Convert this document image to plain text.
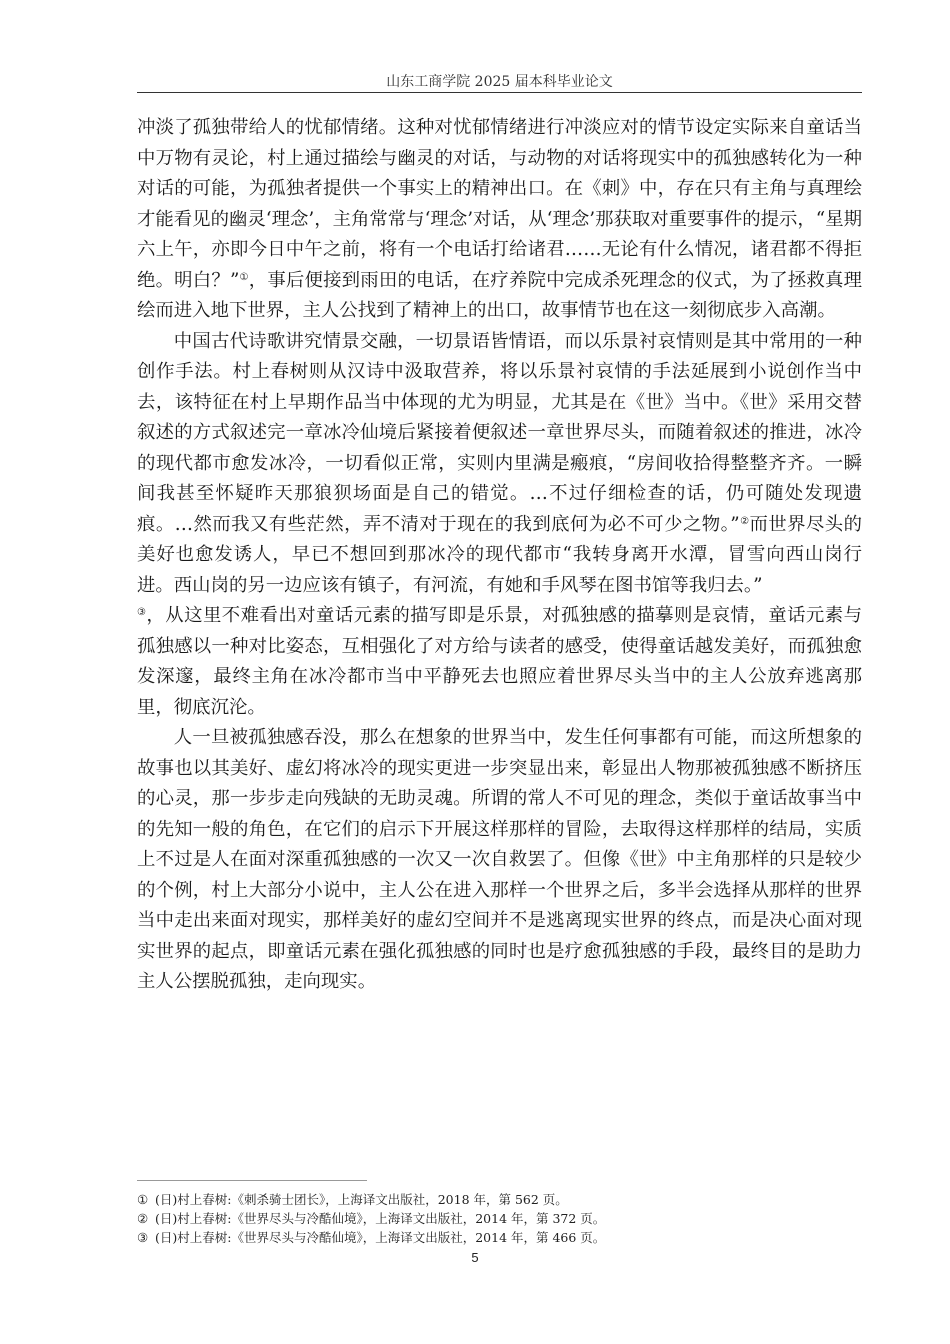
山东工商学院 2025 届本科毕业论文

冲淡了孤独带给人的忧郁情绪。这种对忧郁情绪进行冲淡应对的情节设定实际来自童话当中万物有灵论，村上通过描绘与幽灵的对话，与动物的对话将现实中的孤独感转化为一种对话的可能，为孤独者提供一个事实上的精神出口。在《刺》中，存在只有主角与真理绘才能看见的幽灵‘理念’，主角常常与‘理念’对话，从‘理念’那获取对重要事件的提示，“星期六上午，亦即今日中午之前，将有一个电话打给诸君……无论有什么情况，诸君都不得拒绝。明白？”①，事后便接到雨田的电话，在疗养院中完成杀死理念的仪式，为了拯救真理绘而进入地下世界，主人公找到了精神上的出口，故事情节也在这一刻彻底步入高潮。

中国古代诗歌讲究情景交融，一切景语皆情语，而以乐景衬哀情则是其中常用的一种创作手法。村上春树则从汉诗中汲取营养，将以乐景衬哀情的手法延展到小说创作当中去，该特征在村上早期作品当中体现的尤为明显，尤其是在《世》当中。《世》采用交替叙述的方式叙述完一章冰冷仙境后紧接着便叙述一章世界尽头，而随着叙述的推进，冰冷的现代都市愈发冰冷，一切看似正常，实则内里满是瘢痕，“房间收拾得整整齐齐。一瞬间我甚至怀疑昨天那狼狈场面是自己的错觉。…不过仔细检查的话，仍可随处发现遗痕。…然而我又有些茫然，弄不清对于现在的我到底何为必不可少之物。”②而世界尽头的美好也愈发诱人，早已不想回到那冰冷的现代都市“我转身离开水潭，冒雪向西山岗行进。西山岗的另一边应该有镇子，有河流，有她和手风琴在图书馆等我归去。”
③，从这里不难看出对童话元素的描写即是乐景，对孤独感的描摹则是哀情，童话元素与孤独感以一种对比姿态，互相强化了对方给与读者的感受，使得童话越发美好，而孤独愈发深邃，最终主角在冰冷都市当中平静死去也照应着世界尽头当中的主人公放弃逃离那里，彻底沉沦。

人一旦被孤独感吞没，那么在想象的世界当中，发生任何事都有可能，而这所想象的故事也以其美好、虚幻将冰冷的现实更进一步突显出来，彰显出人物那被孤独感不断挤压的心灵，那一步步走向残缺的无助灵魂。所谓的常人不可见的理念，类似于童话故事当中的先知一般的角色，在它们的启示下开展这样那样的冒险，去取得这样那样的结局，实质上不过是人在面对深重孤独感的一次又一次自救罢了。但像《世》中主角那样的只是较少的个例，村上大部分小说中，主人公在进入那样一个世界之后，多半会选择从那样的世界当中走出来面对现实，那样美好的虚幻空间并不是逃离现实世界的终点，而是决心面对现实世界的起点，即童话元素在强化孤独感的同时也是疗愈孤独感的手段，最终目的是助力主人公摆脱孤独，走向现实。

① (日)村上春树:《刺杀骑士团长》，上海译文出版社，2018 年，第 562 页。
② (日)村上春树:《世界尽头与冷酷仙境》，上海译文出版社，2014 年，第 372 页。
③ (日)村上春树:《世界尽头与冷酷仙境》，上海译文出版社，2014 年，第 466 页。
5
